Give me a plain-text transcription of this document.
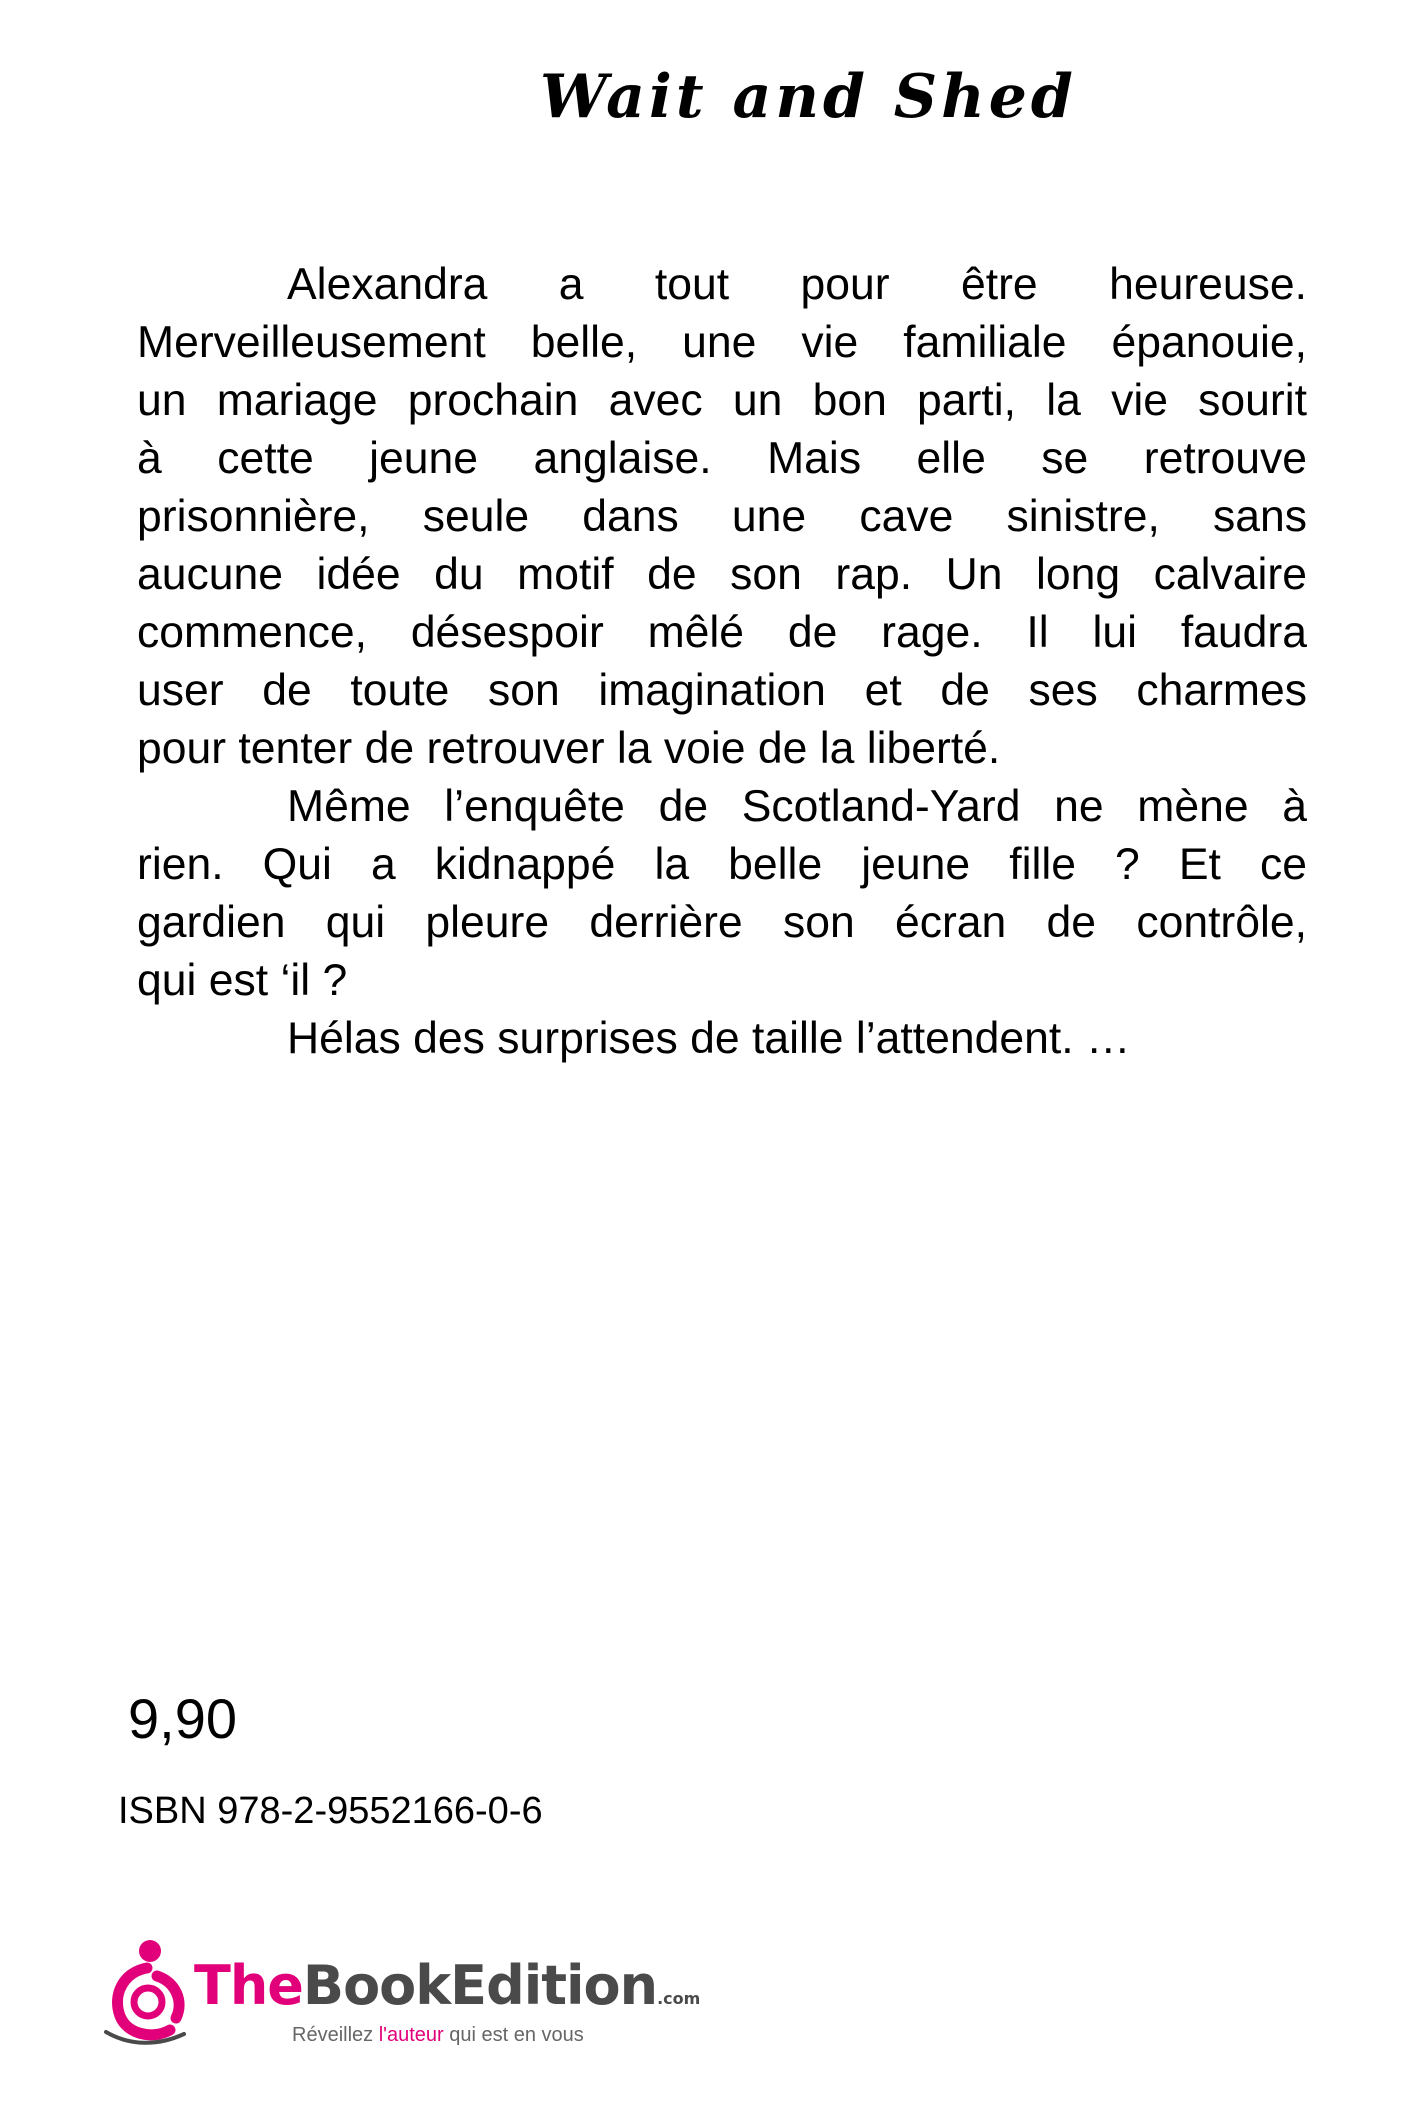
Wait and Shed
Alexandra a tout pour être heureuse.
Merveilleusement belle, une vie familiale épanouie,
un mariage prochain avec un bon parti, la vie sourit
à cette jeune anglaise. Mais elle se retrouve
prisonnière, seule dans une cave sinistre, sans
aucune idée du motif de son rap. Un long calvaire
commence, désespoir mêlé de rage. Il lui faudra
user de toute son imagination et de ses charmes
pour tenter de retrouver la voie de la liberté.
Même l’enquête de Scotland-Yard ne mène à
rien. Qui a kidnappé la belle jeune fille ? Et ce
gardien qui pleure derrière son écran de contrôle,
qui est ‘il ?
Hélas des surprises de taille l’attendent. …
9,90
ISBN 978-2-9552166-0-6
TheBookEdition.com
Réveillez l'auteur qui est en vous
